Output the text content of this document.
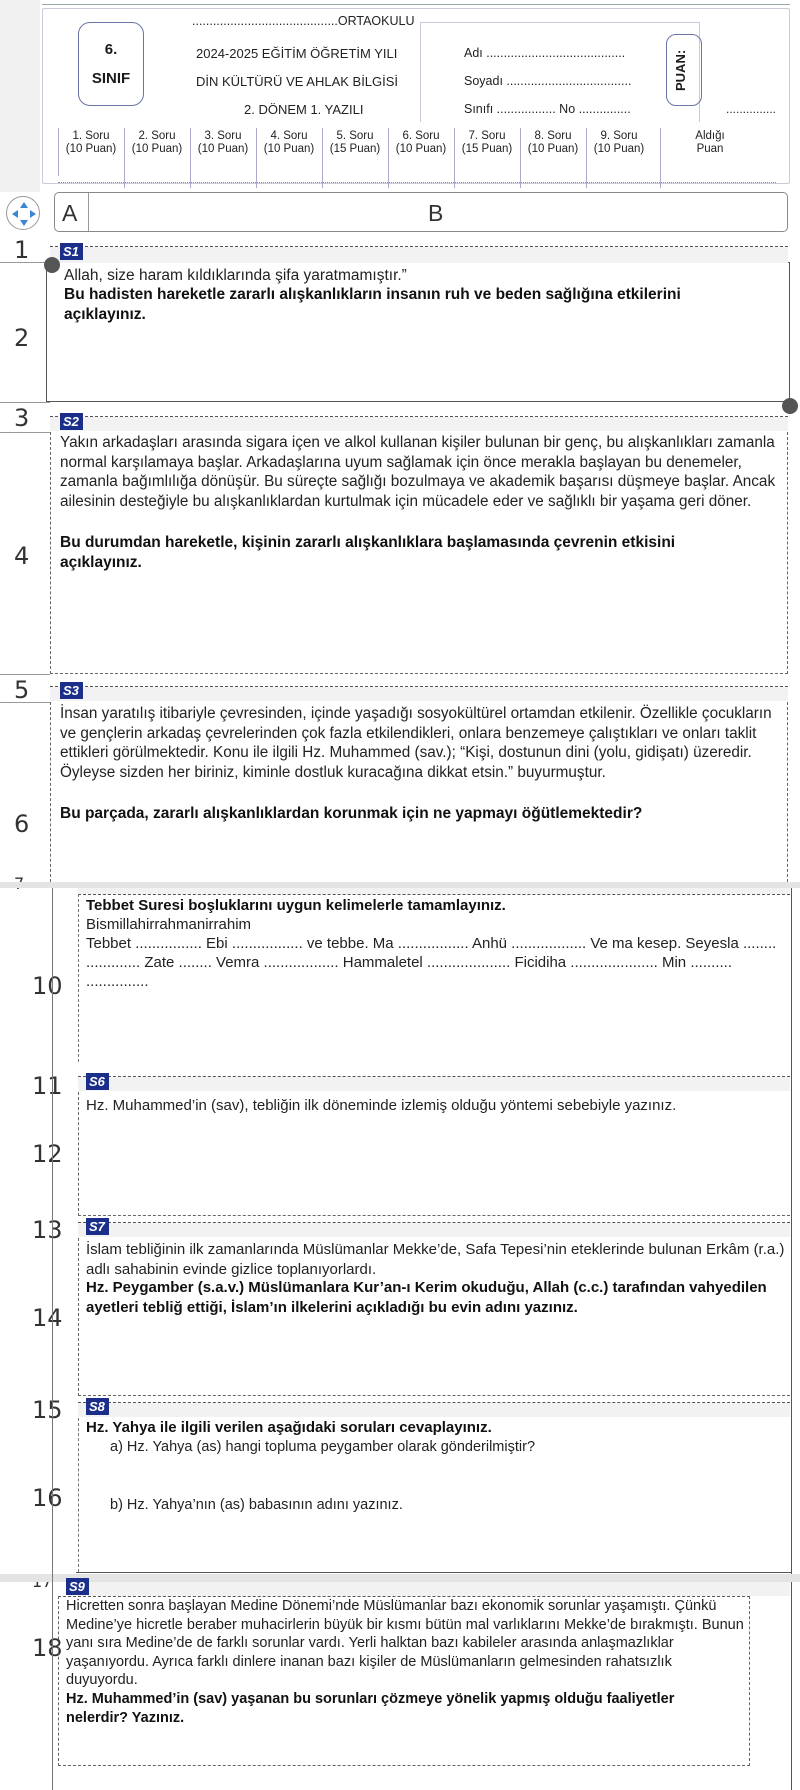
6.
SINIF
..........................................ORTAOKULU
2024-2025 EĞİTİM ÖĞRETİM YILI
DİN KÜLTÜRÜ VE AHLAK BİLGİSİ
2. DÖNEM 1. YAZILI
Adı ........................................
Soyadı ....................................
Sınıfı ................. No ...............
PUAN:
...............
1. Soru
(10 Puan)
2. Soru
(10 Puan)
3. Soru
(10 Puan)
4. Soru
(10 Puan)
5. Soru
(15 Puan)
6. Soru
(10 Puan)
7. Soru
(15 Puan)
8. Soru
(10 Puan)
9. Soru
(10 Puan)
Aldığı
Puan
A	B
1
2
3
4
5
6
10
11
12
13
14
15
16
18
S1
Allah, size haram kıldıklarında şifa yaratmamıştır.”
Bu hadisten hareketle zararlı alışkanlıkların insanın ruh ve beden sağlığına etkilerini açıklayınız.
S2
Yakın arkadaşları arasında sigara içen ve alkol kullanan kişiler bulunan bir genç, bu alışkanlıkları zamanla normal karşılamaya başlar. Arkadaşlarına uyum sağlamak için önce merakla başlayan bu denemeler, zamanla bağımlılığa dönüşür. Bu süreçte sağlığı bozulmaya ve akademik başarısı düşmeye başlar. Ancak ailesinin desteğiyle bu alışkanlıklardan kurtulmak için mücadele eder ve sağlıklı bir yaşama geri döner.
Bu durumdan hareketle, kişinin zararlı alışkanlıklara başlamasında çevrenin etkisini açıklayınız.
S3
İnsan yaratılış itibariyle çevresinden, içinde yaşadığı sosyokültürel ortamdan etkilenir. Özellikle çocukların ve gençlerin arkadaş çevrelerinden çok fazla etkilendikleri, onlara benzemeye çalıştıkları ve onları taklit ettikleri görülmektedir. Konu ile ilgili Hz. Muhammed (sav.); “Kişi, dostunun dini (yolu, gidişatı) üzeredir. Öyleyse sizden her biriniz, kiminle dostluk kuracağına dikkat etsin.” buyurmuştur.
Bu parçada, zararlı alışkanlıklardan korunmak için ne yapmayı öğütlemektedir?
Tebbet Suresi boşluklarını uygun kelimelerle tamamlayınız.
Bismillahirrahmanirrahim
Tebbet ................ Ebi ................. ve tebbe. Ma ................. Anhü .................. Ve ma kesep. Seyesla ........
............. Zate ........ Vemra .................. Hammaletel .................... Ficidiha ..................... Min ..........
...............
S6
Hz. Muhammed’in (sav), tebliğin ilk döneminde izlemiş olduğu yöntemi sebebiyle yazınız.
S7
İslam tebliğinin ilk zamanlarında Müslümanlar Mekke’de, Safa Tepesi’nin eteklerinde bulunan Erkâm (r.a.) adlı sahabinin evinde gizlice toplanıyorlardı.
Hz. Peygamber (s.a.v.) Müslümanlara Kur’an-ı Kerim okuduğu, Allah (c.c.) tarafından vahyedilen ayetleri tebliğ ettiği, İslam’ın ilkelerini açıkladığı bu evin adını yazınız.
S8
Hz. Yahya ile ilgili verilen aşağıdaki soruları cevaplayınız.
a) Hz. Yahya (as) hangi topluma peygamber olarak gönderilmiştir?
b) Hz. Yahya’nın (as) babasının adını yazınız.
S9
Hicretten sonra başlayan Medine Dönemi’nde Müslümanlar bazı ekonomik sorunlar yaşamıştı. Çünkü Medine’ye hicretle beraber muhacirlerin büyük bir kısmı bütün mal varlıklarını Mekke’de bırakmıştı. Bunun yanı sıra Medine’de de farklı sorunlar vardı. Yerli halktan bazı kabileler arasında anlaşmazlıklar yaşanıyordu. Ayrıca farklı dinlere inanan bazı kişiler de Müslümanların gelmesinden rahatsızlık duyuyordu.
Hz. Muhammed’in (sav) yaşanan bu sorunları çözmeye yönelik yapmış olduğu faaliyetler nelerdir? Yazınız.
